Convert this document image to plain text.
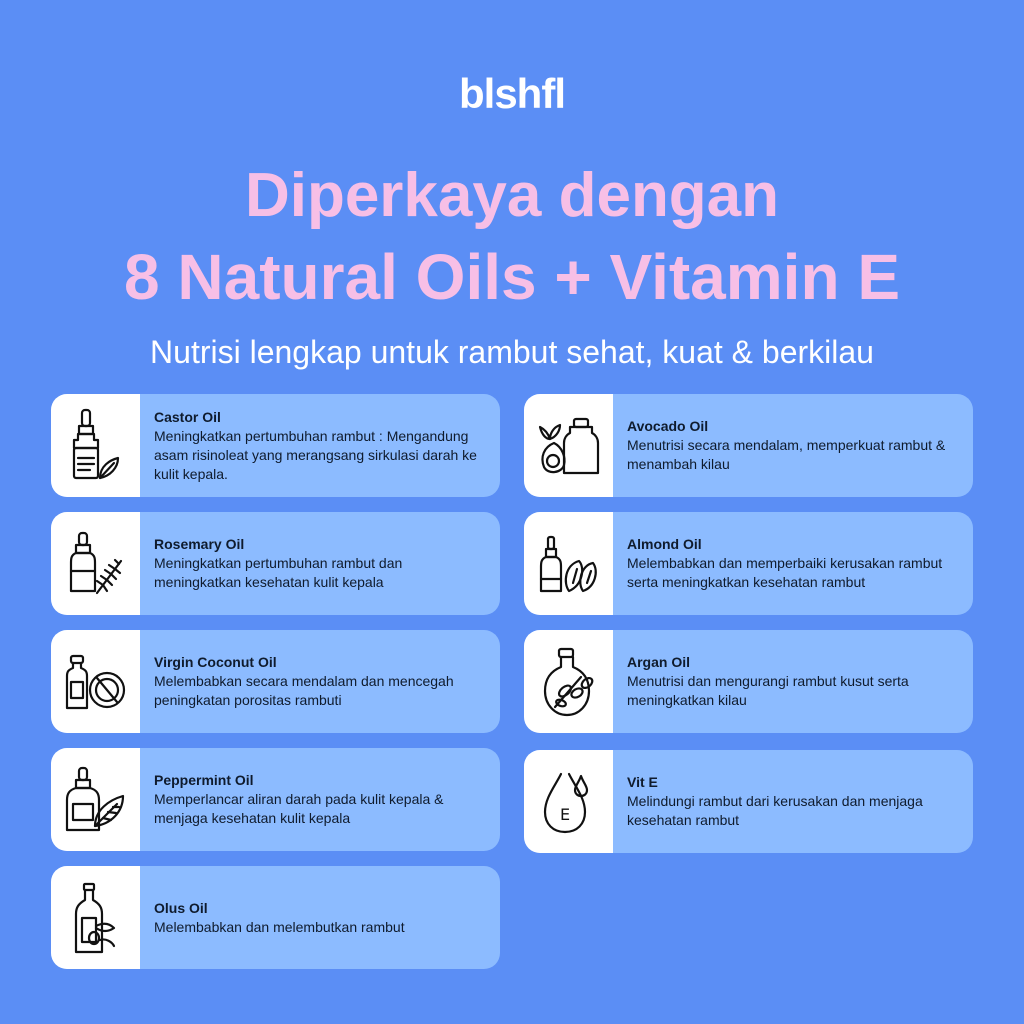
blshfl
Diperkaya dengan
8 Natural Oils + Vitamin E
Nutrisi lengkap untuk rambut sehat, kuat & berkilau
Castor Oil
Meningkatkan pertumbuhan rambut : Mengandung asam risinoleat yang merangsang sirkulasi darah ke kulit kepala.
Rosemary Oil
Meningkatkan pertumbuhan rambut dan meningkatkan kesehatan kulit kepala
Virgin Coconut Oil
Melembabkan secara mendalam dan mencegah peningkatan porositas rambuti
Peppermint Oil
Memperlancar aliran darah pada kulit kepala & menjaga kesehatan kulit kepala
Olus Oil
Melembabkan dan melembutkan rambut
Avocado Oil
Menutrisi secara mendalam, memperkuat rambut & menambah kilau
Almond Oil
Melembabkan dan memperbaiki kerusakan rambut serta meningkatkan kesehatan rambut
Argan Oil
Menutrisi dan mengurangi rambut kusut serta meningkatkan kilau
E
Vit E
Melindungi rambut dari kerusakan dan menjaga kesehatan rambut
